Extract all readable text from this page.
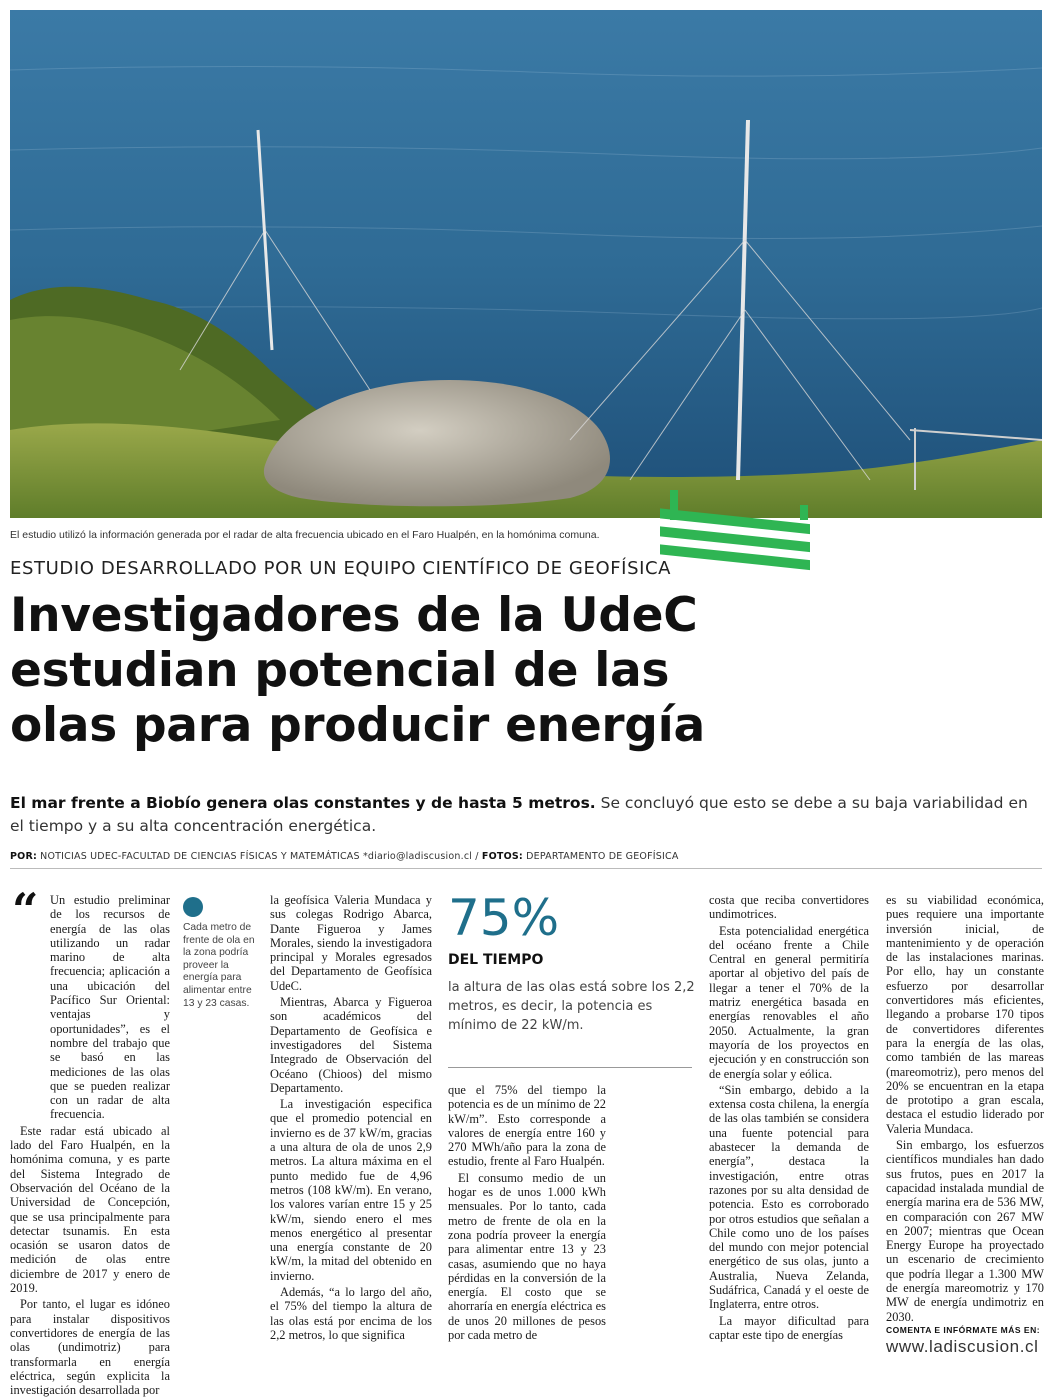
El estudio utilizó la información generada por el radar de alta frecuencia ubicado en el Faro Hualpén, en la homónima comuna.
ESTUDIO DESARROLLADO POR UN EQUIPO CIENTÍFICO DE GEOFÍSICA
Investigadores de la UdeC
estudian potencial de las
olas para producir energía
El mar frente a Biobío genera olas constantes y de hasta 5 metros. Se concluyó que esto se debe a su baja variabilidad en el tiempo y a su alta concentración energética.
POR: NOTICIAS UDEC-FACULTAD DE CIENCIAS FÍSICAS Y MATEMÁTICAS *diario@ladiscusion.cl / FOTOS: DEPARTAMENTO DE GEOFÍSICA
“ Un estudio preliminar de los recursos de energía de las olas utilizando un radar marino de alta frecuencia; aplicación a una ubicación del Pacífico Sur Oriental: ventajas y oportunidades”, es el nombre del trabajo que se basó en las mediciones de las olas que se pueden realizar con un radar de alta frecuencia.

Este radar está ubicado al lado del Faro Hualpén, en la homónima comuna, y es parte del Sistema Integrado de Observación del Océano de la Universidad de Concepción, que se usa principalmente para detectar tsunamis. En esta ocasión se usaron datos de medición de olas entre diciembre de 2017 y enero de 2019.

Por tanto, el lugar es idóneo para instalar dispositivos convertidores de energía de las olas (undimotriz) para transformarla en energía eléctrica, según explicita la investigación desarrollada por

Cada metro de frente de ola en la zona podría proveer la energía para alimentar entre 13 y 23 casas.

la geofísica Valeria Mundaca y sus colegas Rodrigo Abarca, Dante Figueroa y James Morales, siendo la investigadora principal y Morales egresados del Departamento de Geofísica UdeC.

Mientras, Abarca y Figueroa son académicos del Departamento de Geofísica e investigadores del Sistema Integrado de Observación del Océano (Chioos) del mismo Departamento.

La investigación especifica que el promedio potencial en invierno es de 37 kW/m, gracias a una altura de ola de unos 2,9 metros. La altura máxima en el punto medido fue de 4,96 metros (108 kW/m). En verano, los valores varían entre 15 y 25 kW/m, siendo enero el mes menos energético al presentar una energía constante de 20 kW/m, la mitad del obtenido en invierno.

Además, “a lo largo del año, el 75% del tiempo la altura de las olas está por encima de los 2,2 metros, lo que significa

75%
DEL TIEMPO
la altura de las olas está sobre los 2,2 metros, es decir, la potencia es mínimo de 22 kW/m.

que el 75% del tiempo la potencia es de un mínimo de 22 kW/m”. Esto corresponde a valores de energía entre 160 y 270 MWh/año para la zona de estudio, frente al Faro Hualpén.

El consumo medio de un hogar es de unos 1.000 kWh mensuales. Por lo tanto, cada metro de frente de ola en la zona podría proveer la energía para alimentar entre 13 y 23 casas, asumiendo que no haya pérdidas en la conversión de la energía. El costo que se ahorraría en energía eléctrica es de unos 20 millones de pesos por cada metro de

costa que reciba convertidores undimotrices.

Esta potencialidad energética del océano frente a Chile Central en general permitiría aportar al objetivo del país de llegar a tener el 70% de la matriz energética basada en energías renovables el año 2050. Actualmente, la gran mayoría de los proyectos en ejecución y en construcción son de energía solar y eólica.

“Sin embargo, debido a la extensa costa chilena, la energía de las olas también se considera una fuente potencial para abastecer la demanda de energía”, destaca la investigación, entre otras razones por su alta densidad de potencia. Esto es corroborado por otros estudios que señalan a Chile como uno de los países del mundo con mejor potencial energético de sus olas, junto a Australia, Nueva Zelanda, Sudáfrica, Canadá y el oeste de Inglaterra, entre otros.

La mayor dificultad para captar este tipo de energías

es su viabilidad económica, pues requiere una importante inversión inicial, de mantenimiento y de operación de las instalaciones marinas. Por ello, hay un constante esfuerzo por desarrollar convertidores más eficientes, llegando a probarse 170 tipos de convertidores diferentes para la energía de las olas, como también de las mareas (mareomotriz), pero menos del 20% se encuentran en la etapa de prototipo a gran escala, destaca el estudio liderado por Valeria Mundaca.

Sin embargo, los esfuerzos científicos mundiales han dado sus frutos, pues en 2017 la capacidad instalada mundial de energía marina era de 536 MW, en comparación con 267 MW en 2007; mientras que Ocean Energy Europe ha proyectado un escenario de crecimiento que podría llegar a 1.300 MW de energía mareomotriz y 170 MW de energía undimotriz en 2030.

COMENTA E INFÓRMATE MÁS EN:
www.ladiscusion.cl
